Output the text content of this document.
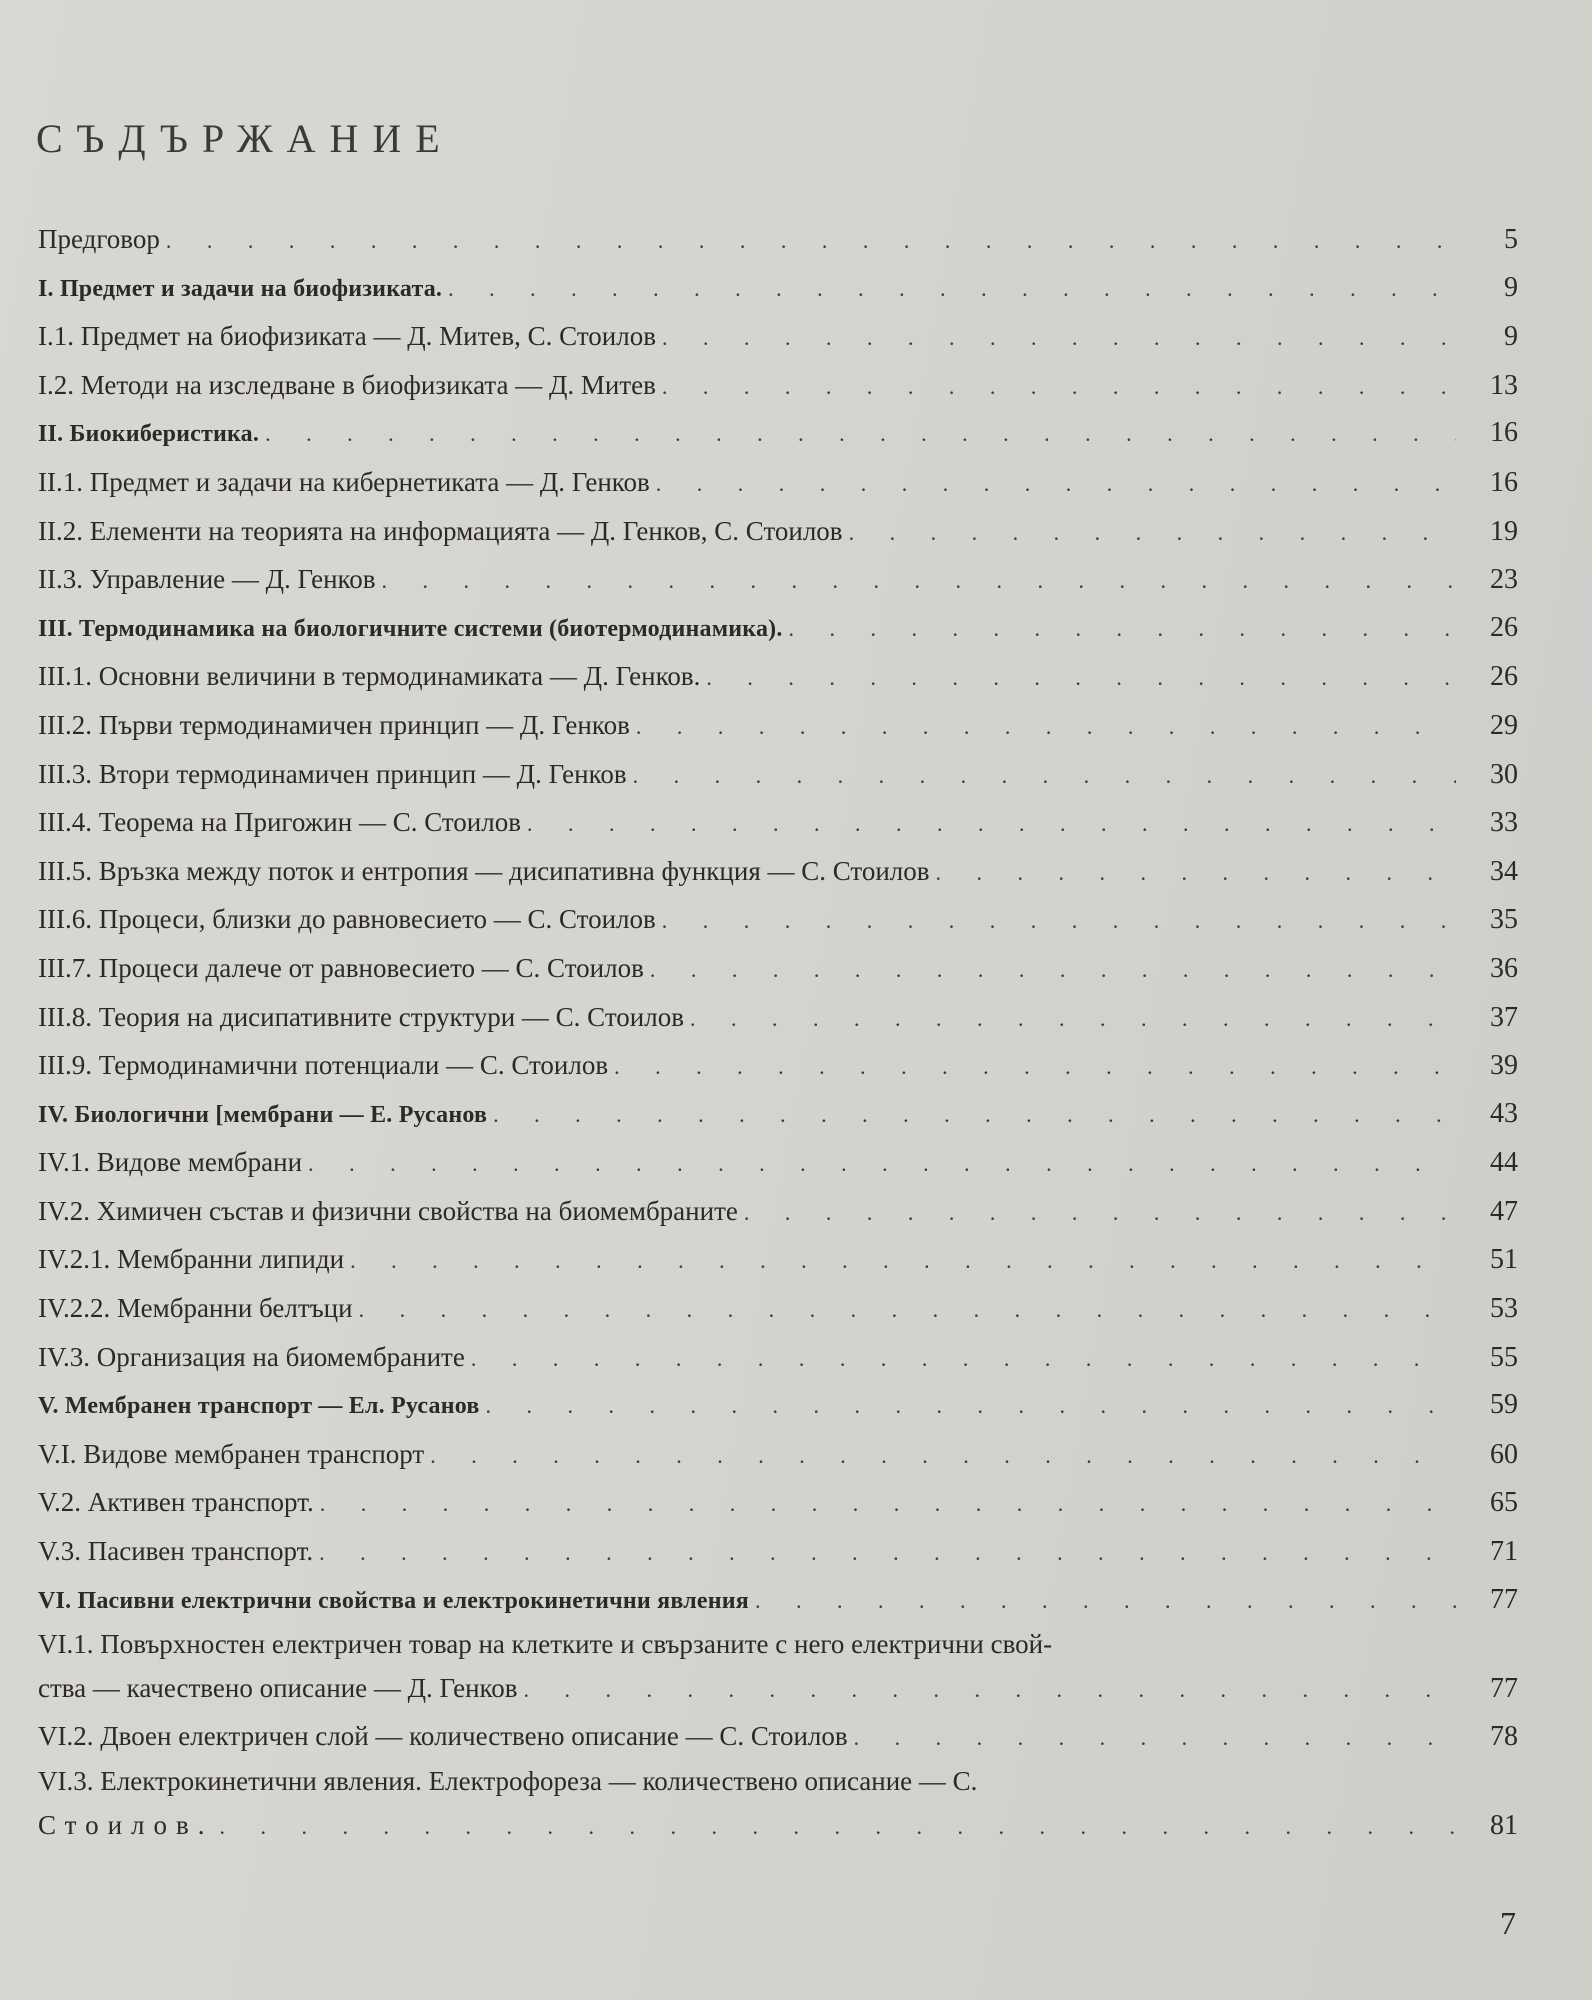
СЪДЪРЖАНИЕ
Предговор . . .	5
I. Предмет и задачи на биофизиката. . . .	9
I.1. Предмет на биофизиката — Д. Митев, С. Стоилов . . .	9
I.2. Методи на изследване в биофизиката — Д. Митев . . .	13
II. Биокиберистика. . . .	16
II.1. Предмет и задачи на кибернетиката — Д. Генков . . .	16
II.2. Елементи на теорията на информацията — Д. Генков, С. Стоилов . . .	19
II.3. Управление — Д. Генков . . .	23
III. Термодинамика на биологичните системи (биотермодинамика). . . .	26
III.1. Основни величини в термодинамиката — Д. Генков. . . .	26
III.2. Първи термодинамичен принцип — Д. Генков . . .	29
III.3. Втори термодинамичен принцип — Д. Генков . . .	30
III.4. Теорема на Пригожин — С. Стоилов . . .	33
III.5. Връзка между поток и ентропия — дисипативна функция — С. Стоилов . . .	34
III.6. Процеси, близки до равновесието — С. Стоилов . . .	35
III.7. Процеси далече от равновесието — С. Стоилов . . .	36
III.8. Теория на дисипативните структури — С. Стоилов . . .	37
III.9. Термодинамични потенциали — С. Стоилов . . .	39
IV. Биологични [мембрани — Е. Русанов . . .	43
IV.1. Видове мембрани . . .	44
IV.2. Химичен състав и физични свойства на биомембраните . . .	47
IV.2.1. Мембранни липиди . . .	51
IV.2.2. Мембранни белтъци . . .	53
IV.3. Организация на биомембраните . . .	55
V. Мембранен транспорт — Ел. Русанов . . .	59
V.I. Видове мембранен транспорт . . .	60
V.2. Активен транспорт. . . .	65
V.3. Пасивен транспорт. . . .	71
VI. Пасивни електрични свойства и електрокинетични явления . . .	77
VI.1. Повърхностен електричен товар на клетките и свързаните с него електрични свой-
ства — качествено описание — Д. Генков . . .	77
VI.2. Двоен електричен слой — количествено описание — С. Стоилов . . .	78
VI.3. Електрокинетични явления. Електрофореза — количествено описание — С.
Стоилов. . . .	81
7
